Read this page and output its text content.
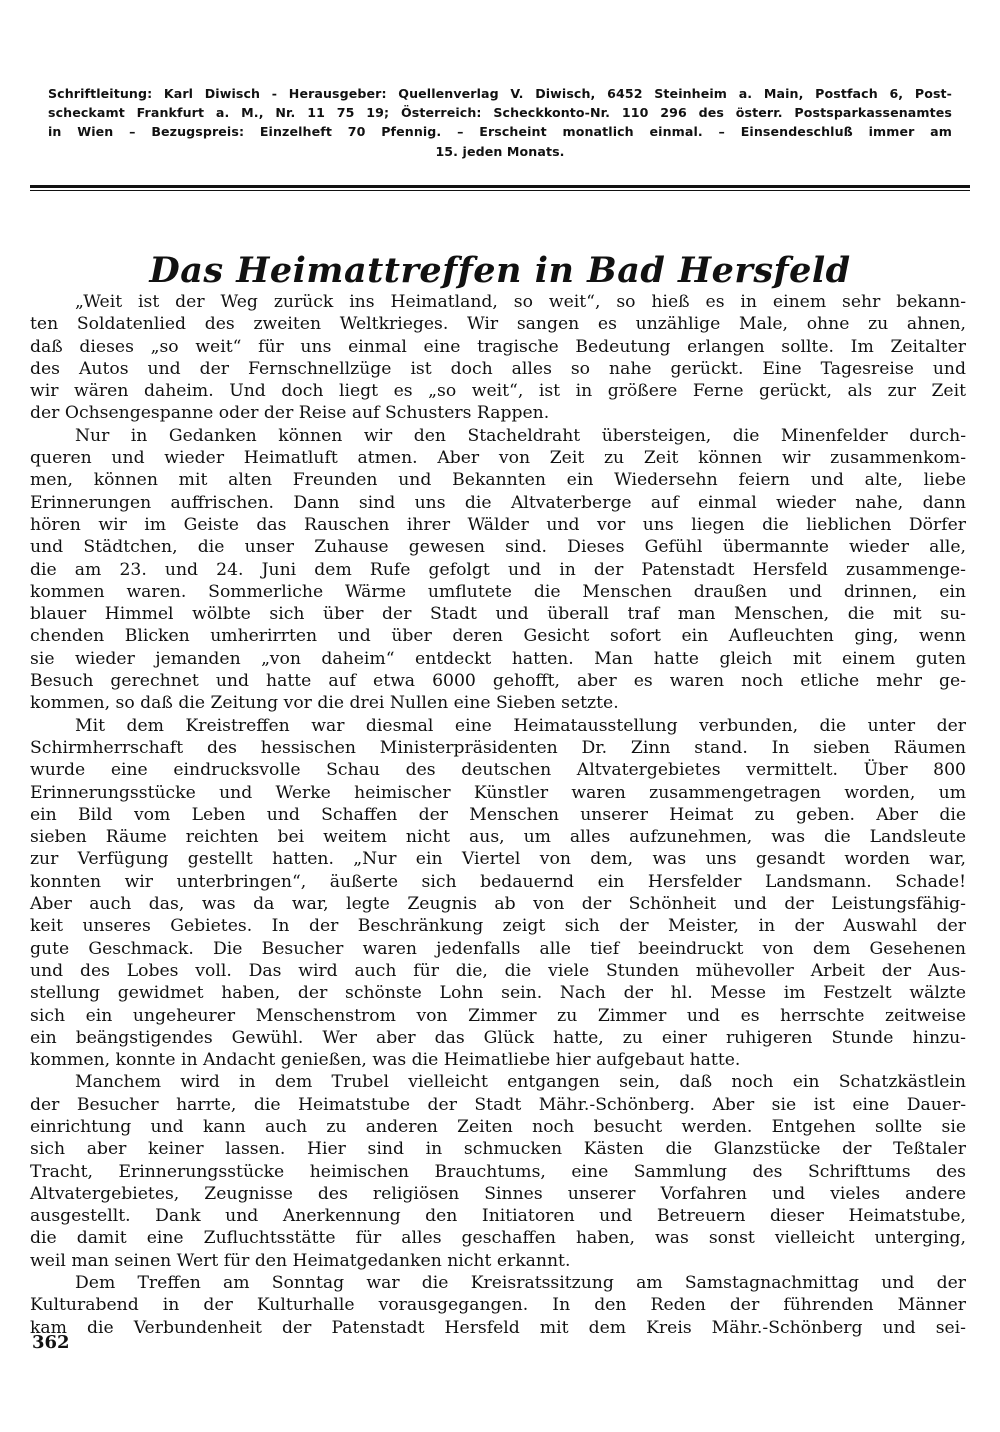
Schriftleitung: Karl Diwisch - Herausgeber: Quellenverlag V. Diwisch, 6452 Steinheim a. Main, Postfach 6, Post-
scheckamt Frankfurt a. M., Nr. 11 75 19; Österreich: Scheckkonto-Nr. 110 296 des österr. Postsparkassenamtes
in Wien – Bezugspreis: Einzelheft 70 Pfennig. – Erscheint monatlich einmal. – Einsendeschluß immer am
15. jeden Monats.
Das Heimattreffen in Bad Hersfeld
„Weit ist der Weg zurück ins Heimatland, so weit“, so hieß es in einem sehr bekann-
ten Soldatenlied des zweiten Weltkrieges. Wir sangen es unzählige Male, ohne zu ahnen,
daß dieses „so weit“ für uns einmal eine tragische Bedeutung erlangen sollte. Im Zeitalter
des Autos und der Fernschnellzüge ist doch alles so nahe gerückt. Eine Tagesreise und
wir wären daheim. Und doch liegt es „so weit“, ist in größere Ferne gerückt, als zur Zeit
der Ochsengespanne oder der Reise auf Schusters Rappen.
Nur in Gedanken können wir den Stacheldraht übersteigen, die Minenfelder durch-
queren und wieder Heimatluft atmen. Aber von Zeit zu Zeit können wir zusammenkom-
men, können mit alten Freunden und Bekannten ein Wiedersehn feiern und alte, liebe
Erinnerungen auffrischen. Dann sind uns die Altvaterberge auf einmal wieder nahe, dann
hören wir im Geiste das Rauschen ihrer Wälder und vor uns liegen die lieblichen Dörfer
und Städtchen, die unser Zuhause gewesen sind. Dieses Gefühl übermannte wieder alle,
die am 23. und 24. Juni dem Rufe gefolgt und in der Patenstadt Hersfeld zusammenge-
kommen waren. Sommerliche Wärme umflutete die Menschen draußen und drinnen, ein
blauer Himmel wölbte sich über der Stadt und überall traf man Menschen, die mit su-
chenden Blicken umherirrten und über deren Gesicht sofort ein Aufleuchten ging, wenn
sie wieder jemanden „von daheim“ entdeckt hatten. Man hatte gleich mit einem guten
Besuch gerechnet und hatte auf etwa 6000 gehofft, aber es waren noch etliche mehr ge-
kommen, so daß die Zeitung vor die drei Nullen eine Sieben setzte.
Mit dem Kreistreffen war diesmal eine Heimatausstellung verbunden, die unter der
Schirmherrschaft des hessischen Ministerpräsidenten Dr. Zinn stand. In sieben Räumen
wurde eine eindrucksvolle Schau des deutschen Altvatergebietes vermittelt. Über 800
Erinnerungsstücke und Werke heimischer Künstler waren zusammengetragen worden, um
ein Bild vom Leben und Schaffen der Menschen unserer Heimat zu geben. Aber die
sieben Räume reichten bei weitem nicht aus, um alles aufzunehmen, was die Landsleute
zur Verfügung gestellt hatten. „Nur ein Viertel von dem, was uns gesandt worden war,
konnten wir unterbringen“, äußerte sich bedauernd ein Hersfelder Landsmann. Schade!
Aber auch das, was da war, legte Zeugnis ab von der Schönheit und der Leistungsfähig-
keit unseres Gebietes. In der Beschränkung zeigt sich der Meister, in der Auswahl der
gute Geschmack. Die Besucher waren jedenfalls alle tief beeindruckt von dem Gesehenen
und des Lobes voll. Das wird auch für die, die viele Stunden mühevoller Arbeit der Aus-
stellung gewidmet haben, der schönste Lohn sein. Nach der hl. Messe im Festzelt wälzte
sich ein ungeheurer Menschenstrom von Zimmer zu Zimmer und es herrschte zeitweise
ein beängstigendes Gewühl. Wer aber das Glück hatte, zu einer ruhigeren Stunde hinzu-
kommen, konnte in Andacht genießen, was die Heimatliebe hier aufgebaut hatte.
Manchem wird in dem Trubel vielleicht entgangen sein, daß noch ein Schatzkästlein
der Besucher harrte, die Heimatstube der Stadt Mähr.-Schönberg. Aber sie ist eine Dauer-
einrichtung und kann auch zu anderen Zeiten noch besucht werden. Entgehen sollte sie
sich aber keiner lassen. Hier sind in schmucken Kästen die Glanzstücke der Teßtaler
Tracht, Erinnerungsstücke heimischen Brauchtums, eine Sammlung des Schrifttums des
Altvatergebietes, Zeugnisse des religiösen Sinnes unserer Vorfahren und vieles andere
ausgestellt. Dank und Anerkennung den Initiatoren und Betreuern dieser Heimatstube,
die damit eine Zufluchtsstätte für alles geschaffen haben, was sonst vielleicht unterging,
weil man seinen Wert für den Heimatgedanken nicht erkannt.
Dem Treffen am Sonntag war die Kreisratssitzung am Samstagnachmittag und der
Kulturabend in der Kulturhalle vorausgegangen. In den Reden der führenden Männer
kam die Verbundenheit der Patenstadt Hersfeld mit dem Kreis Mähr.-Schönberg und sei-
362
